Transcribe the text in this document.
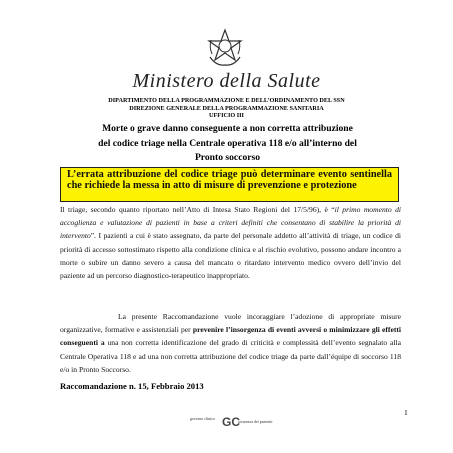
Ministero della Salute
DIPARTIMENTO DELLA PROGRAMMAZIONE E DELL’ORDINAMENTO DEL SSN
DIREZIONE GENERALE DELLA PROGRAMMAZIONE SANITARIA
UFFICIO III
Morte o grave danno conseguente a non corretta attribuzione
del codice triage nella Centrale operativa 118 e/o all’interno del
Pronto soccorso
L’errata attribuzione del codice triage può determinare evento sentinella che richiede la messa in atto di misure di prevenzione e protezione
Il triage, secondo quanto riportato nell’Atto di Intesa Stato Regioni del 17/5/96), è “il primo momento di accoglienza e valutazione di pazienti in base a criteri definiti che consentano di stabilire la priorità di intervento”. I pazienti a cui è stato assegnato, da parte del personale addetto all’attività di triage, un codice di priorità di accesso sottostimato rispetto alla condizione clinica e al rischio evolutivo, possono andare incontro a morte o subire un danno severo a causa del mancato o ritardato intervento medico ovvero dell’invio del paziente ad un percorso diagnostico-terapeutico inappropriato.
La presente Raccomandazione vuole incoraggiare l’adozione di appropriate misure organizzative, formative e assistenziali per prevenire l’insorgenza di eventi avversi o minimizzare gli effetti conseguenti a una non corretta identificazione del grado di criticità e complessità dell’evento segnalato alla Centrale Operativa 118 e ad una non corretta attribuzione del codice triage da parte dall’équipe di soccorso 118 e/o in Pronto Soccorso.
Raccomandazione n. 15, Febbraio 2013
1
governo clinico GC
sicurezza dei pazienti
